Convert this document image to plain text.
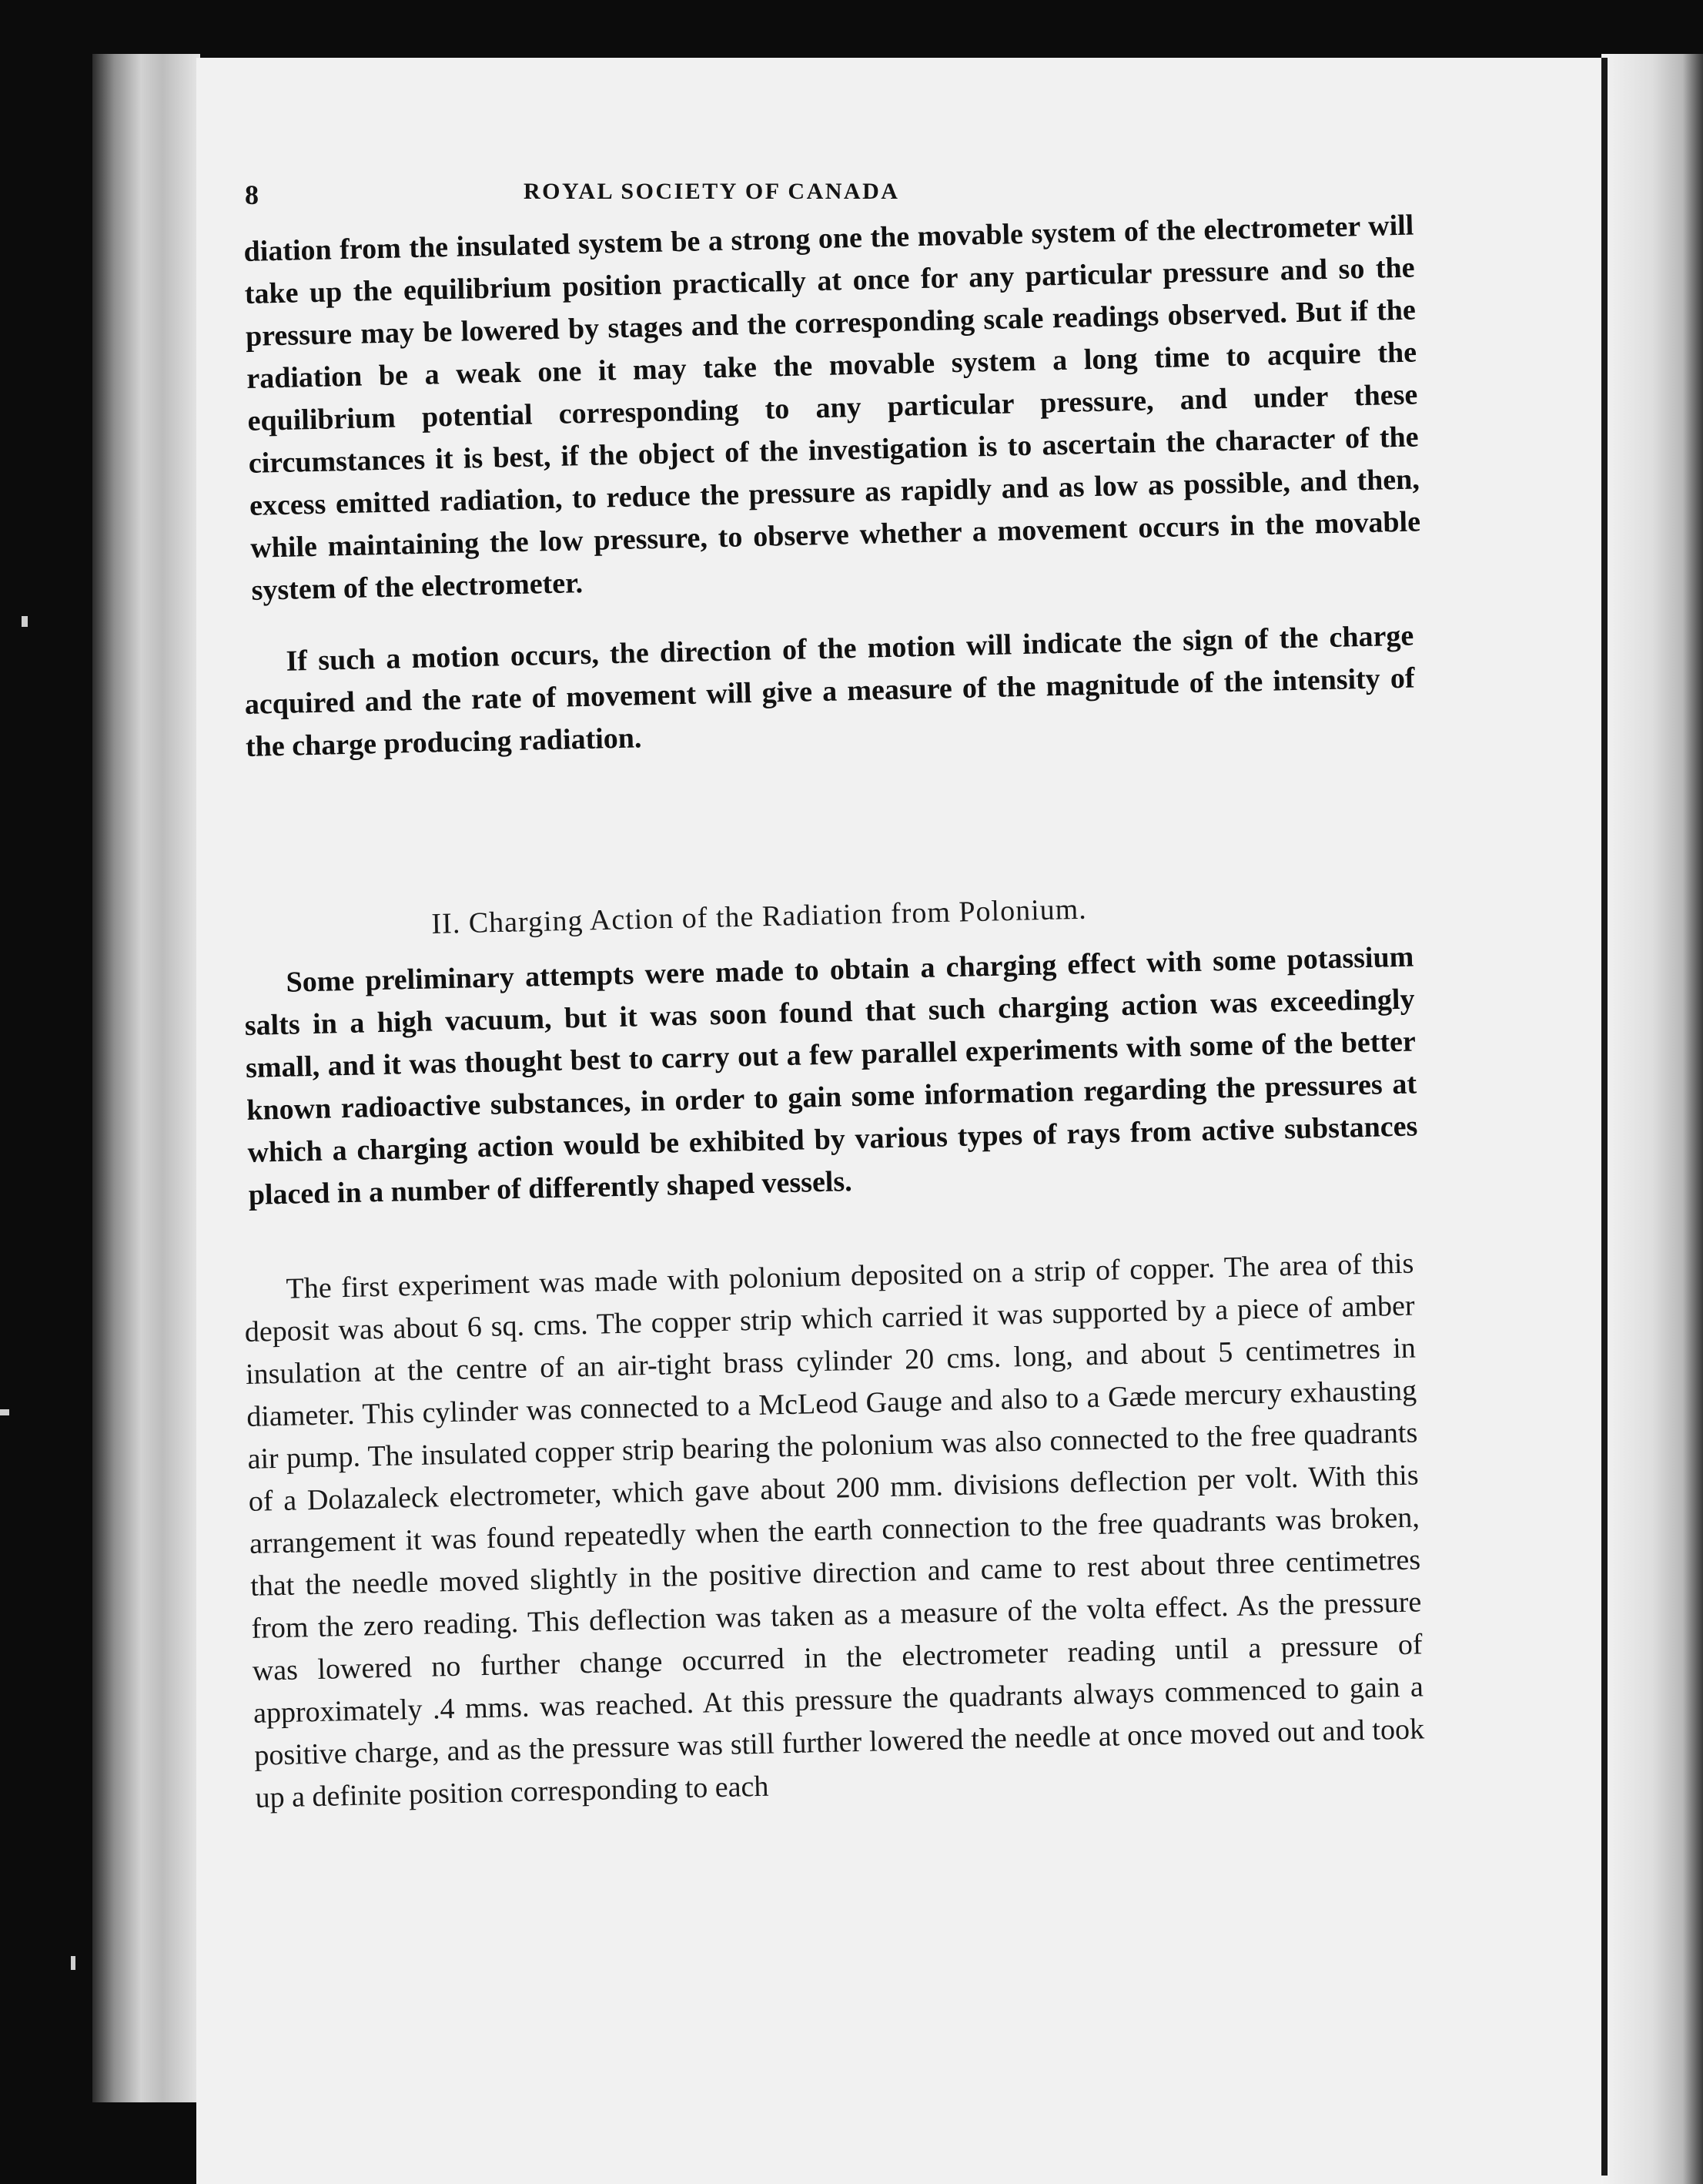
8	ROYAL SOCIETY OF CANADA

diation from the insulated system be a strong one the movable system of the electrometer will take up the equilibrium position practically at once for any particular pressure and so the pressure may be lowered by stages and the corresponding scale readings observed. But if the radiation be a weak one it may take the movable system a long time to acquire the equilibrium potential corresponding to any particular pressure, and under these circumstances it is best, if the object of the investigation is to ascertain the character of the excess emitted radiation, to reduce the pressure as rapidly and as low as possible, and then, while maintaining the low pressure, to observe whether a movement occurs in the movable system of the electrometer.

If such a motion occurs, the direction of the motion will indicate the sign of the charge acquired and the rate of movement will give a measure of the magnitude of the intensity of the charge producing radiation.

II. Charging Action of the Radiation from Polonium.

Some preliminary attempts were made to obtain a charging effect with some potassium salts in a high vacuum, but it was soon found that such charging action was exceedingly small, and it was thought best to carry out a few parallel experiments with some of the better known radioactive substances, in order to gain some information regarding the pressures at which a charging action would be exhibited by various types of rays from active substances placed in a number of differently shaped vessels.

The first experiment was made with polonium deposited on a strip of copper. The area of this deposit was about 6 sq. cms. The copper strip which carried it was supported by a piece of amber insulation at the centre of an air-tight brass cylinder 20 cms. long, and about 5 centimetres in diameter. This cylinder was connected to a McLeod Gauge and also to a Gæde mercury exhausting air pump. The insulated copper strip bearing the polonium was also connected to the free quadrants of a Dolazaleck electrometer, which gave about 200 mm. divisions deflection per volt. With this arrangement it was found repeatedly when the earth connection to the free quadrants was broken, that the needle moved slightly in the positive direction and came to rest about three centimetres from the zero reading. This deflection was taken as a measure of the volta effect. As the pressure was lowered no further change occurred in the electrometer reading until a pressure of approximately .4 mms. was reached. At this pressure the quadrants always commenced to gain a positive charge, and as the pressure was still further lowered the needle at once moved out and took up a definite position corresponding to each
